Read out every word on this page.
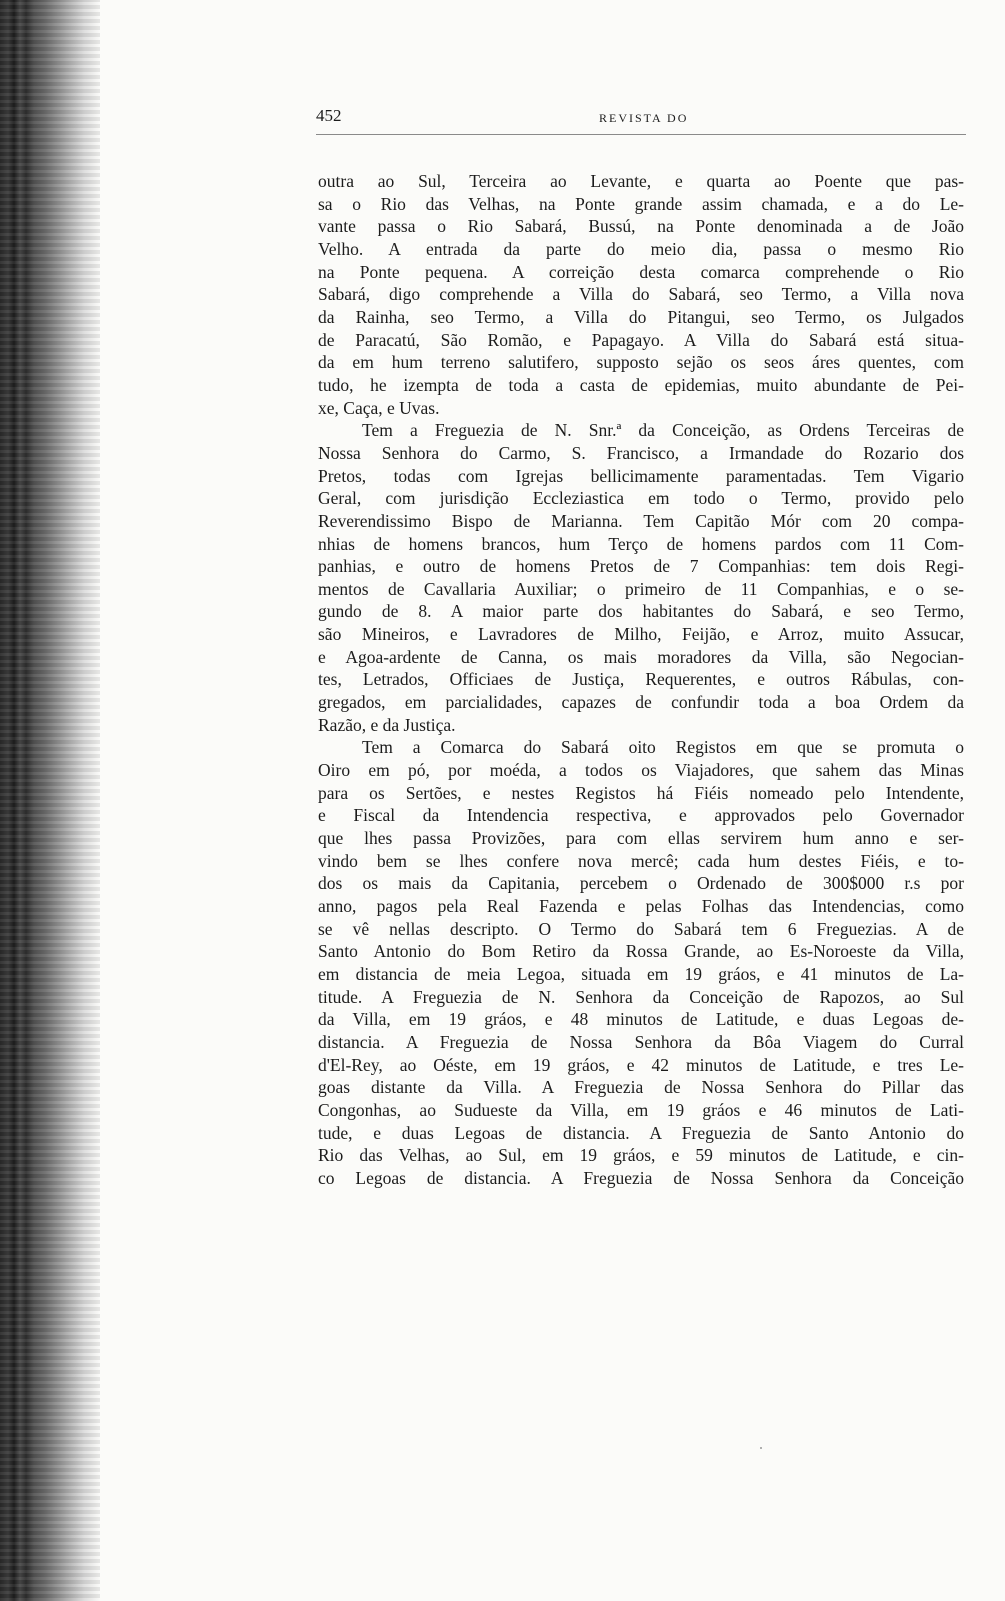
452	REVISTA DO
outra ao Sul, Terceira ao Levante, e quarta ao Poente que pas-
sa o Rio das Velhas, na Ponte grande assim chamada, e a do Le-
vante passa o Rio Sabará, Bussú, na Ponte denominada a de João
Velho. A entrada da parte do meio dia, passa o mesmo Rio
na Ponte pequena. A correição desta comarca comprehende o Rio
Sabará, digo comprehende a Villa do Sabará, seo Termo, a Villa nova
da Rainha, seo Termo, a Villa do Pitangui, seo Termo, os Julgados
de Paracatú, São Romão, e Papagayo. A Villa do Sabará está situa-
da em hum terreno salutifero, supposto sejão os seos áres quentes, com
tudo, he izempta de toda a casta de epidemias, muito abundante de Pei-
xe, Caça, e Uvas.
Tem a Freguezia de N. Snr.ª da Conceição, as Ordens Terceiras de
Nossa Senhora do Carmo, S. Francisco, a Irmandade do Rozario dos
Pretos, todas com Igrejas bellicimamente paramentadas. Tem Vigario
Geral, com jurisdição Eccleziastica em todo o Termo, provido pelo
Reverendissimo Bispo de Marianna. Tem Capitão Mór com 20 compa-
nhias de homens brancos, hum Terço de homens pardos com 11 Com-
panhias, e outro de homens Pretos de 7 Companhias: tem dois Regi-
mentos de Cavallaria Auxiliar; o primeiro de 11 Companhias, e o se-
gundo de 8. A maior parte dos habitantes do Sabará, e seo Termo,
são Mineiros, e Lavradores de Milho, Feijão, e Arroz, muito Assucar,
e Agoa-ardente de Canna, os mais moradores da Villa, são Negocian-
tes, Letrados, Officiaes de Justiça, Requerentes, e outros Rábulas, con-
gregados, em parcialidades, capazes de confundir toda a boa Ordem da
Razão, e da Justiça.
Tem a Comarca do Sabará oito Registos em que se promuta o
Oiro em pó, por moéda, a todos os Viajadores, que sahem das Minas
para os Sertões, e nestes Registos há Fiéis nomeado pelo Intendente,
e Fiscal da Intendencia respectiva, e approvados pelo Governador
que lhes passa Provizões, para com ellas servirem hum anno e ser-
vindo bem se lhes confere nova mercê; cada hum destes Fiéis, e to-
dos os mais da Capitania, percebem o Ordenado de 300$000 r.s por
anno, pagos pela Real Fazenda e pelas Folhas das Intendencias, como
se vê nellas descripto. O Termo do Sabará tem 6 Freguezias. A de
Santo Antonio do Bom Retiro da Rossa Grande, ao Es-Noroeste da Villa,
em distancia de meia Legoa, situada em 19 gráos, e 41 minutos de La-
titude. A Freguezia de N. Senhora da Conceição de Rapozos, ao Sul
da Villa, em 19 gráos, e 48 minutos de Latitude, e duas Legoas de-
distancia. A Freguezia de Nossa Senhora da Bôa Viagem do Curral
d'El-Rey, ao Oéste, em 19 gráos, e 42 minutos de Latitude, e tres Le-
goas distante da Villa. A Freguezia de Nossa Senhora do Pillar das
Congonhas, ao Sudueste da Villa, em 19 gráos e 46 minutos de Lati-
tude, e duas Legoas de distancia. A Freguezia de Santo Antonio do
Rio das Velhas, ao Sul, em 19 gráos, e 59 minutos de Latitude, e cin-
co Legoas de distancia. A Freguezia de Nossa Senhora da Conceição
